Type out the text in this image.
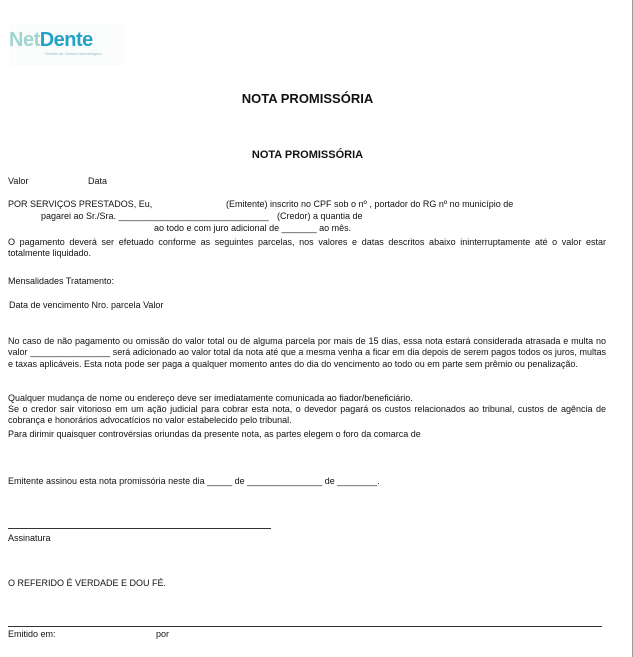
Net Dente
Gestão de Clínica Odontológica
NOTA PROMISSÓRIA
NOTA PROMISSÓRIA
Valor	Data
POR SERVIÇOS PRESTADOS, Eu,	(Emitente) inscrito no CPF sob o nº , portador do RG nº no município de
pagarei ao Sr./Sra. ______________________________ (Credor) a quantia de
ao todo e com juro adicional de _______ ao mês.
O pagamento deverá ser efetuado conforme as seguintes parcelas, nos valores e datas descritos abaixo ininterruptamente até o valor estar totalmente liquidado.
Mensalidades Tratamento:
Data de vencimento Nro. parcela Valor
No caso de não pagamento ou omissão do valor total ou de alguma parcela por mais de 15 dias, essa nota estará considerada atrasada e multa no valor ________________ será adicionado ao valor total da nota até que a mesma venha a ficar em dia depois de serem pagos todos os juros, multas e taxas aplicáveis. Esta nota pode ser paga a qualquer momento antes do dia do vencimento ao todo ou em parte sem prêmio ou penalização.
Qualquer mudança de nome ou endereço deve ser imediatamente comunicada ao fiador/beneficiário.
Se o credor sair vitorioso em um ação judicial para cobrar esta nota, o devedor pagará os custos relacionados ao tribunal, custos de agência de cobrança e honorários advocatícios no valor estabelecido pelo tribunal.
Para dirimir quaisquer controvérsias oriundas da presente nota, as partes elegem o foro da comarca de
Emitente assinou esta nota promissória neste dia _____ de _______________ de ________.
Assinatura
O REFERIDO É VERDADE E DOU FÉ.
Emitido em:	por
